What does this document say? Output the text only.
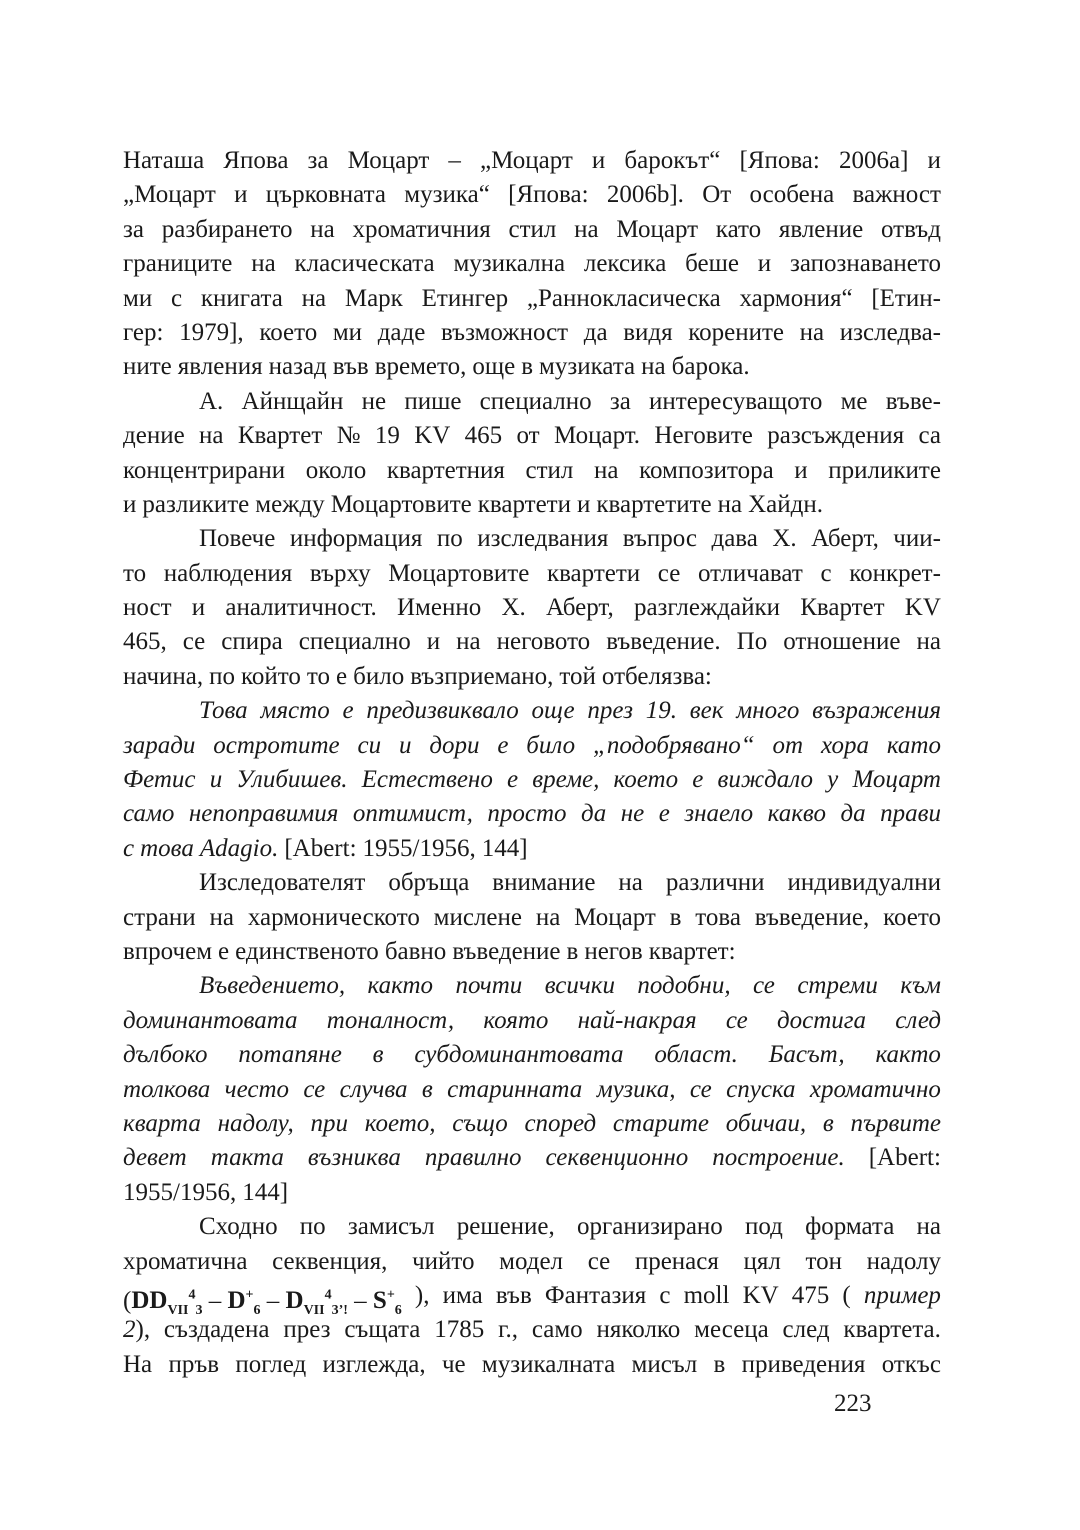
Наташа Япова за Моцарт – „Моцарт и барокът“ [Япова: 2006a] и
„Моцарт и църковната музика“ [Япова: 2006b]. От особена важност
за разбирането на хроматичния стил на Моцарт като явление отвъд
границите на класическата музикална лексика беше и запознаването
ми с книгата на Марк Етингер „Раннокласическа хармония“ [Етин-
гер: 1979], което ми даде възможност да видя корените на изследва-
ните явления назад във времето, още в музиката на барока.
А. Айнщайн не пише специално за интересуващото ме въве-
дение на Квартет № 19 KV 465 от Моцарт. Неговите разсъждения са
концентрирани около квартетния стил на композитора и приликите
и разликите между Моцартовите квартети и квартетите на Хайдн.
Повече информация по изследвания въпрос дава Х. Аберт, чии-
то наблюдения върху Моцартовите квартети се отличават с конкрет-
ност и аналитичност. Именно Х. Аберт, разглеждайки Квартет KV
465, се спира специално и на неговото въведение. По отношение на
начина, по който то е било възприемано, той отбелязва:
Това място е предизвиквало още през 19. век много възражения
заради остротите си и дори е било „подобрявано“ от хора като
Фетис и Улибишев. Естествено е време, което е виждало у Моцарт
само непоправимия оптимист, просто да не е знаело какво да прави
с това Adagio. [Abert: 1955/1956, 144]
Изследователят обръща внимание на различни индивидуални
страни на хармоническото мислене на Моцарт в това въведение, което
впрочем е единственото бавно въведение в негов квартет:
Въведението, както почти всички подобни, се стреми към
доминантовата тоналност, която най-накрая се достига след
дълбоко потапяне в субдоминантовата област. Басът, както
толкова често се случва в старинната музика, се спуска хроматично
кварта надолу, при което, също според старите обичаи, в първите
девет такта възниква правилно секвенционно построение. [Abert:
1955/1956, 144]
Сходно по замисъл решение, организирано под формата на
хроматична секвенция, чийто модел се пренася цял тон надолу
($DD_{VII}^4_3 - D^+_6 - D_{VII}^4_{3’!} - S^+_6$
), има във Фантазия c moll KV 475 ( пример
2), създадена през същата 1785 г., само няколко месеца след квартета.
На пръв поглед изглежда, че музикалната мисъл в приведения откъс
223
